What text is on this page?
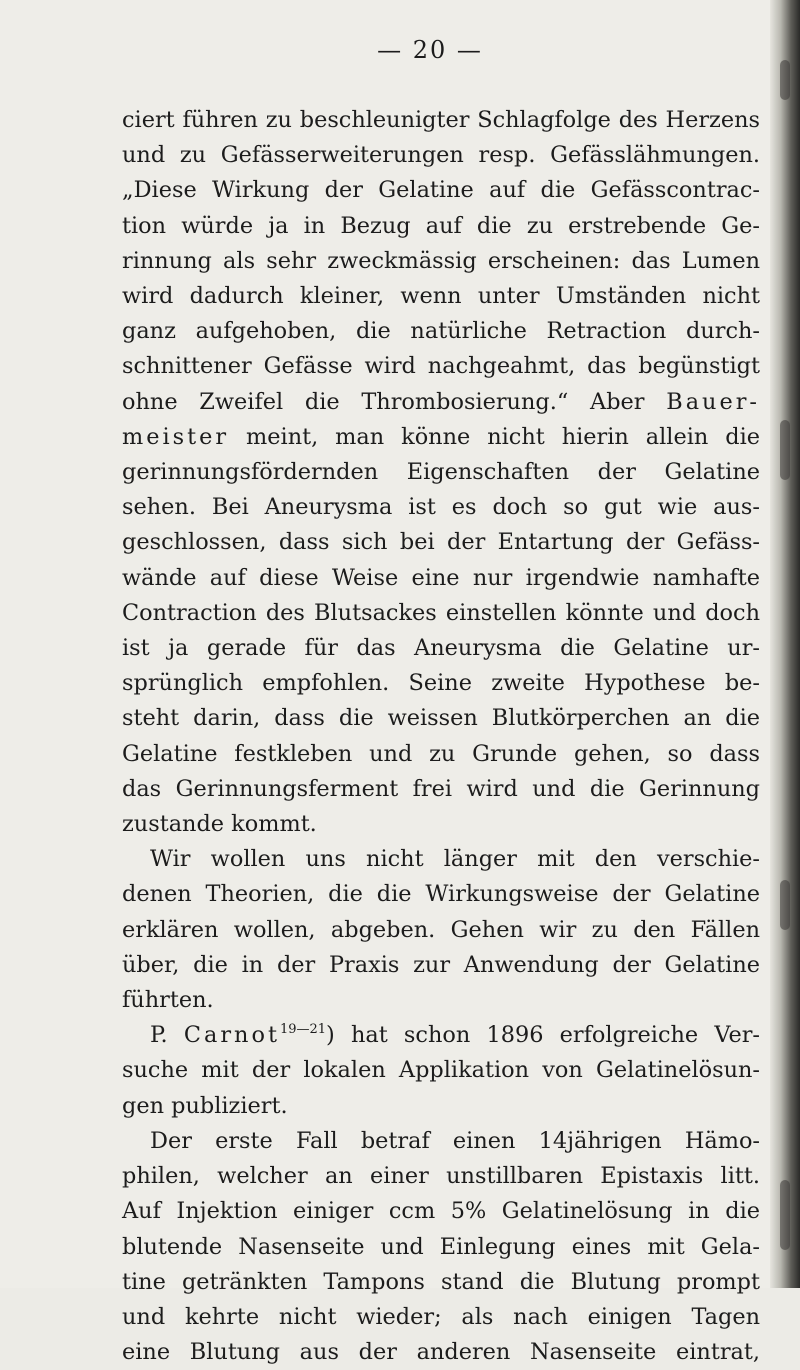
— 20 —
ciert führen zu beschleunigter Schlagfolge des Herzens
und zu Gefässerweiterungen resp. Gefässlähmungen.
„Diese Wirkung der Gelatine auf die Gefässcontrac-
tion würde ja in Bezug auf die zu erstrebende Ge-
rinnung als sehr zweckmässig erscheinen: das Lumen
wird dadurch kleiner, wenn unter Umständen nicht
ganz aufgehoben, die natürliche Retraction durch-
schnittener Gefässe wird nachgeahmt, das begünstigt
ohne Zweifel die Thrombosierung.“ Aber Bauer-
meister meint, man könne nicht hierin allein die
gerinnungsfördernden Eigenschaften der Gelatine
sehen. Bei Aneurysma ist es doch so gut wie aus-
geschlossen, dass sich bei der Entartung der Gefäss-
wände auf diese Weise eine nur irgendwie namhafte
Contraction des Blutsackes einstellen könnte und doch
ist ja gerade für das Aneurysma die Gelatine ur-
sprünglich empfohlen. Seine zweite Hypothese be-
steht darin, dass die weissen Blutkörperchen an die
Gelatine festkleben und zu Grunde gehen, so dass
das Gerinnungsferment frei wird und die Gerinnung
zustande kommt.
Wir wollen uns nicht länger mit den verschie-
denen Theorien, die die Wirkungsweise der Gelatine
erklären wollen, abgeben. Gehen wir zu den Fällen
über, die in der Praxis zur Anwendung der Gelatine
führten.
P. Carnot$^{19—21}$) hat schon 1896 erfolgreiche Ver-
suche mit der lokalen Applikation von Gelatinelösun-
gen publiziert.
Der erste Fall betraf einen 14jährigen Hämo-
philen, welcher an einer unstillbaren Epistaxis litt.
Auf Injektion einiger ccm 5% Gelatinelösung in die
blutende Nasenseite und Einlegung eines mit Gela-
tine getränkten Tampons stand die Blutung prompt
und kehrte nicht wieder; als nach einigen Tagen
eine Blutung aus der anderen Nasenseite eintrat,
